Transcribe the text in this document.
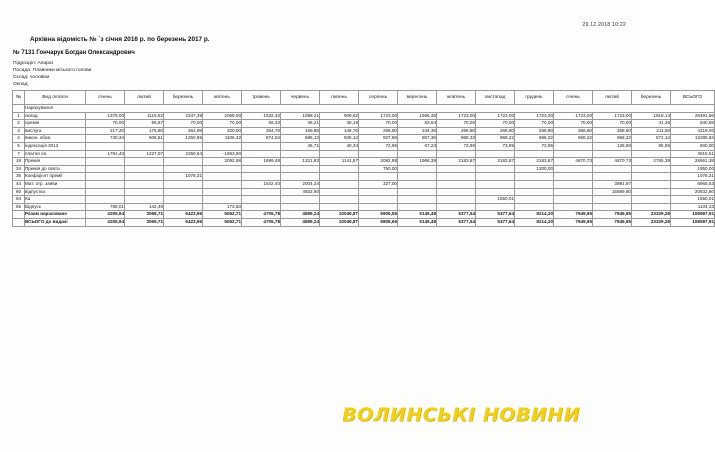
29.12.2018 10:22
Архівна відомість № `з січня 2016 р. по березень 2017 р.
№ 7131 Гончарук Богдан Олександрович
Підрозділ: Апарат
Посада: Плавники міського голови
Склад: чоловіки
Оклад:
№	Вид оплати	січень	лютий	березень	квітень	травень	червень	липень	серпень	вересень	жовтень	листопад	грудень	січень	лютий	березень	ВСЬОГО
	Нарахування																
1	оклад	1378,00	1115,52	2347,39	2068,00	1632,32	1088,21	909,62	1723,00	1566,36	1723,00	1723,00	1723,00	1723,00	1723,00	1918,14	25491,66
2	премія	70,00	56,67	70,00	70,00	56,32	46,21	38,19	70,00	63,64	70,00	70,00	70,00	70,00	70,00	41,36	940,58
3	вислуга	217,20	175,60	362,99	320,00	254,78	169,86	148,70	268,80	244,39	268,80	268,80	268,80	358,60	358,60	211,56	4219,00
4	викон. обов.	740,34	606,61	1250,95	1106,42	874,04	586,13	506,12	927,88	867,36	968,33	968,22	968,22	968,22	968,22	572,12	13286,83
5	індексація 2012						46,71	40,34	73,95	67,23	73,95	73,95	73,95		128,58	85,95	600,00
7	платня оп.	1791,40	1227,07	2250,64	-1653,90												3615,51
18	Премія				2092,98	1699,48	1321,82	1141,57	2092,88	1966,39	2183,87	2183,87	2183,87	4670,73	4670,73	2765,39	28661,38
34	Премія до свята								750,00				1200,00				1950,00
36	Коефіцієнт премії			1078,31													1078,31
44	Мат. отр. заяви					1542,40	2004,34		327,00						3991,97		8965,63
60	відпустка						4932,90								15899,80		20832,60
64	Ка											1550,01					1550,01
65	Відпуск	788,01	142,49		173,83												1104,33
	Разом нараховано	4205,94	3069,71	6423,96	5062,71	4705,78	4899,24	10049,87	5906,55	5145,48	5377,54	5377,64	8214,20	7949,95	7949,95	23329,28	106587,91
	ВСЬОГО до видачі	4205,94	3069,71	6423,96	5062,71	4705,78	4899,24	10049,87	5808,66	5145,48	5377,54	5377,64	8214,20	7949,95	7949,95	23329,28	108587,91
ВОЛИНСЬКІ НОВИНИ
